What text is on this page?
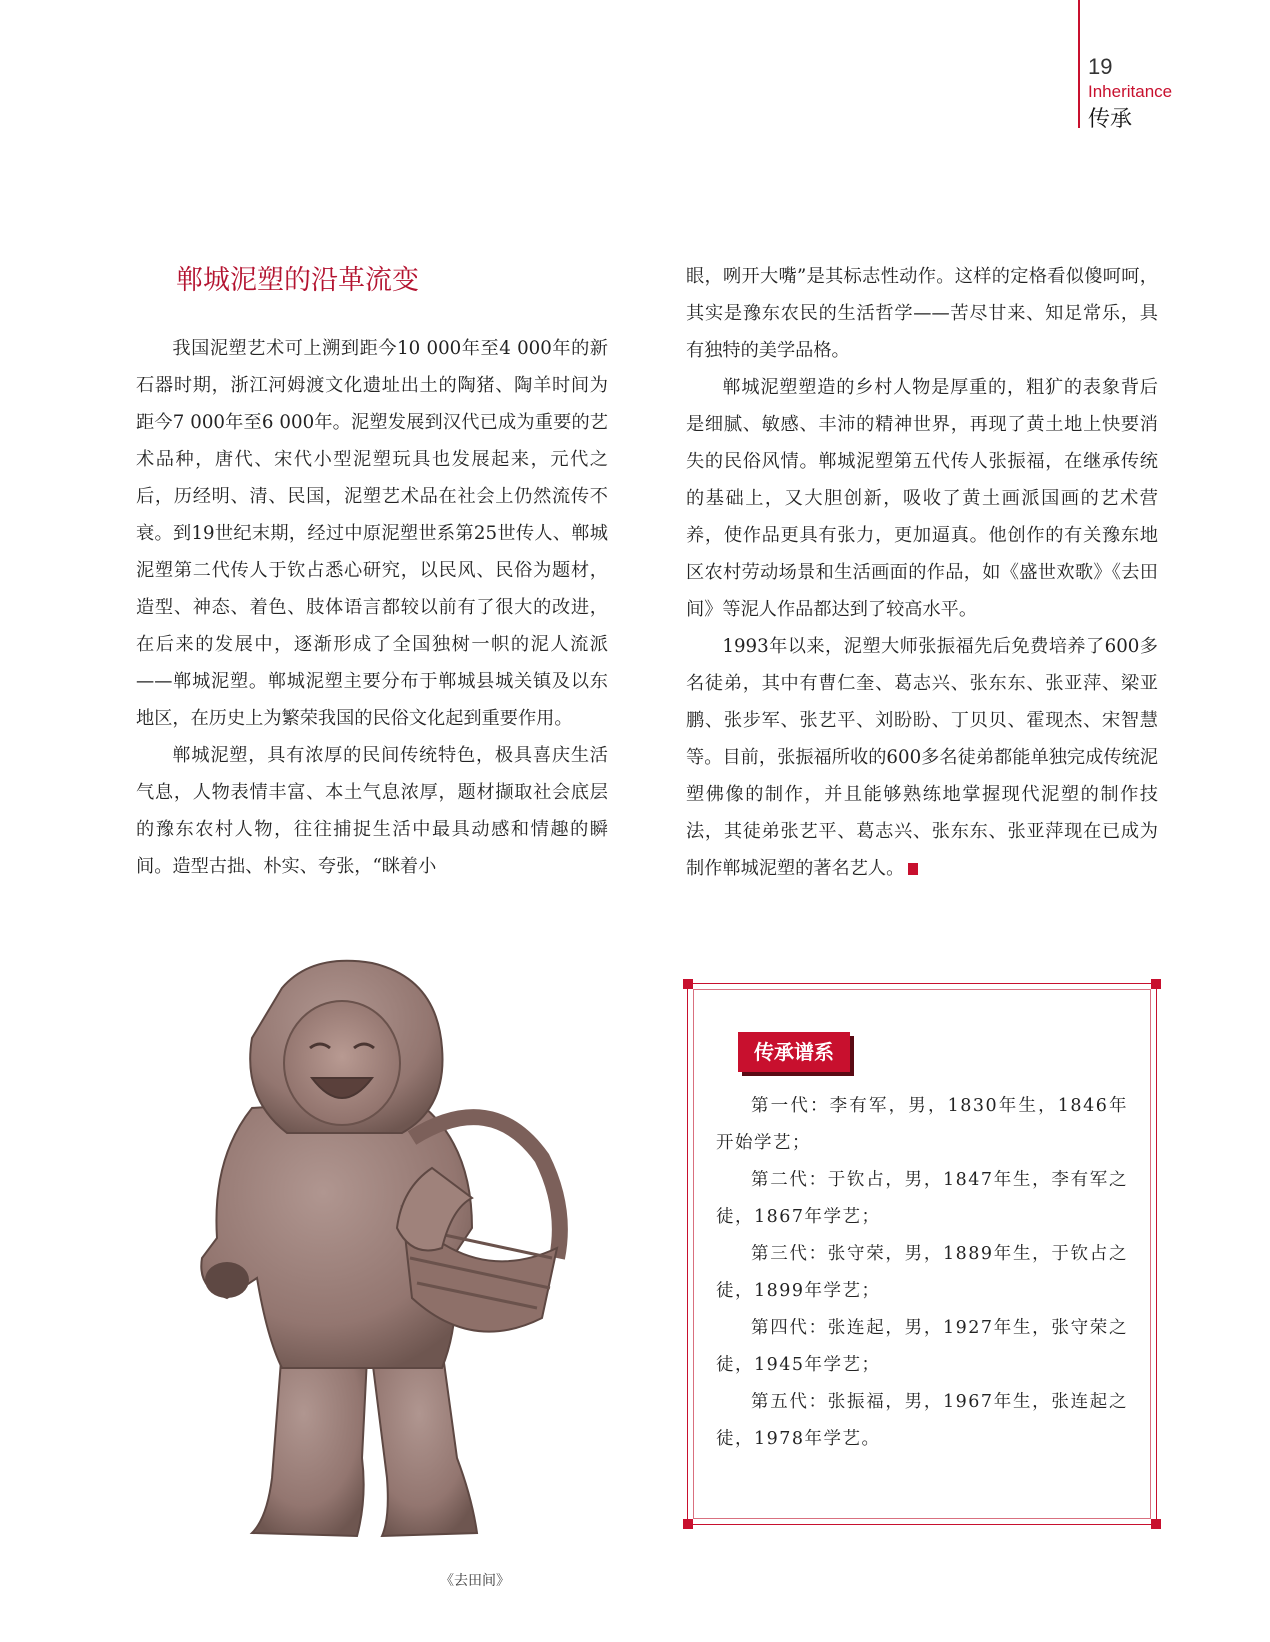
19
Inheritance
传承
郸城泥塑的沿革流变

我国泥塑艺术可上溯到距今10 000年至4 000年的新石器时期，浙江河姆渡文化遗址出土的陶猪、陶羊时间为距今7 000年至6 000年。泥塑发展到汉代已成为重要的艺术品种，唐代、宋代小型泥塑玩具也发展起来，元代之后，历经明、清、民国，泥塑艺术品在社会上仍然流传不衰。到19世纪末期，经过中原泥塑世系第25世传人、郸城泥塑第二代传人于钦占悉心研究，以民风、民俗为题材，造型、神态、着色、肢体语言都较以前有了很大的改进，在后来的发展中，逐渐形成了全国独树一帜的泥人流派——郸城泥塑。郸城泥塑主要分布于郸城县城关镇及以东地区，在历史上为繁荣我国的民俗文化起到重要作用。

郸城泥塑，具有浓厚的民间传统特色，极具喜庆生活气息，人物表情丰富、本土气息浓厚，题材撷取社会底层的豫东农村人物，往往捕捉生活中最具动感和情趣的瞬间。造型古拙、朴实、夸张，“眯着小

眼，咧开大嘴”是其标志性动作。这样的定格看似傻呵呵，其实是豫东农民的生活哲学——苦尽甘来、知足常乐，具有独特的美学品格。

郸城泥塑塑造的乡村人物是厚重的，粗犷的表象背后是细腻、敏感、丰沛的精神世界，再现了黄土地上快要消失的民俗风情。郸城泥塑第五代传人张振福，在继承传统的基础上，又大胆创新，吸收了黄土画派国画的艺术营养，使作品更具有张力，更加逼真。他创作的有关豫东地区农村劳动场景和生活画面的作品，如《盛世欢歌》《去田间》等泥人作品都达到了较高水平。

1993年以来，泥塑大师张振福先后免费培养了600多名徒弟，其中有曹仁奎、葛志兴、张东东、张亚萍、梁亚鹏、张步军、张艺平、刘盼盼、丁贝贝、霍现杰、宋智慧等。目前，张振福所收的600多名徒弟都能单独完成传统泥塑佛像的制作，并且能够熟练地掌握现代泥塑的制作技法，其徒弟张艺平、葛志兴、张东东、张亚萍现在已成为制作郸城泥塑的著名艺人。

《去田间》
传承谱系

第一代：李有军，男，1830年生，1846年开始学艺；

第二代：于钦占，男，1847年生，李有军之徒，1867年学艺；

第三代：张守荣，男，1889年生，于钦占之徒，1899年学艺；

第四代：张连起，男，1927年生，张守荣之徒，1945年学艺；

第五代：张振福，男，1967年生，张连起之徒，1978年学艺。
